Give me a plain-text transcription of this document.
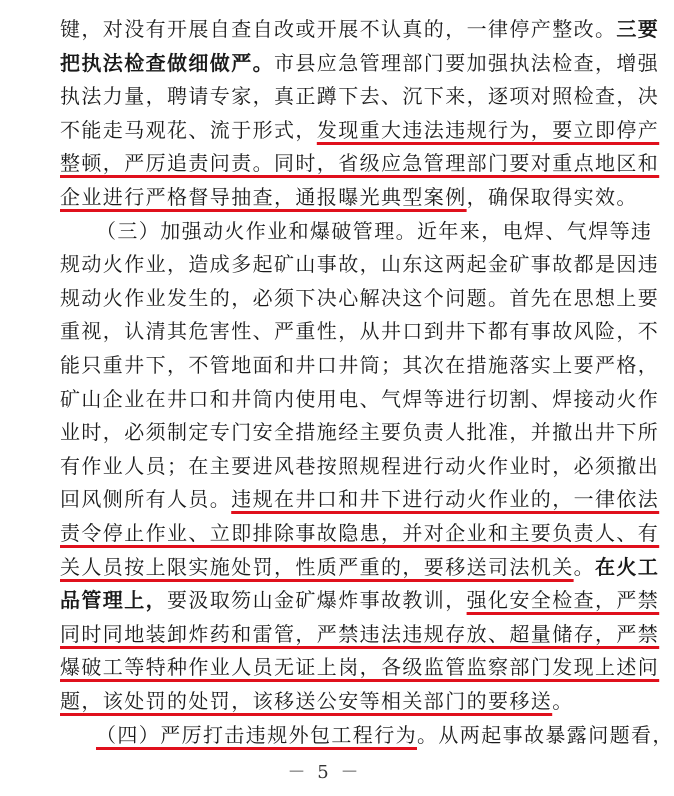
键，对没有开展自查自改或开展不认真的，一律停产整改。三要
把执法检查做细做严。市县应急管理部门要加强执法检查，增强
执法力量，聘请专家，真正蹲下去、沉下来，逐项对照检查，决
不能走马观花、流于形式，发现重大违法违规行为，要立即停产
整顿，严厉追责问责。同时，省级应急管理部门要对重点地区和
企业进行严格督导抽查，通报曝光典型案例，确保取得实效。
（三）加强动火作业和爆破管理。近年来，电焊、气焊等违
规动火作业，造成多起矿山事故，山东这两起金矿事故都是因违
规动火作业发生的，必须下决心解决这个问题。首先在思想上要
重视，认清其危害性、严重性，从井口到井下都有事故风险，不
能只重井下，不管地面和井口井筒；其次在措施落实上要严格，
矿山企业在井口和井筒内使用电、气焊等进行切割、焊接动火作
业时，必须制定专门安全措施经主要负责人批准，并撤出井下所
有作业人员；在主要进风巷按照规程进行动火作业时，必须撤出
回风侧所有人员。违规在井口和井下进行动火作业的，一律依法
责令停止作业、立即排除事故隐患，并对企业和主要负责人、有
关人员按上限实施处罚，性质严重的，要移送司法机关。在火工
品管理上，要汲取笏山金矿爆炸事故教训，强化安全检查，严禁
同时同地装卸炸药和雷管，严禁违法违规存放、超量储存，严禁
爆破工等特种作业人员无证上岗，各级监管监察部门发现上述问
题，该处罚的处罚，该移送公安等相关部门的要移送。
（四）严厉打击违规外包工程行为。从两起事故暴露问题看，
－ 5 －
